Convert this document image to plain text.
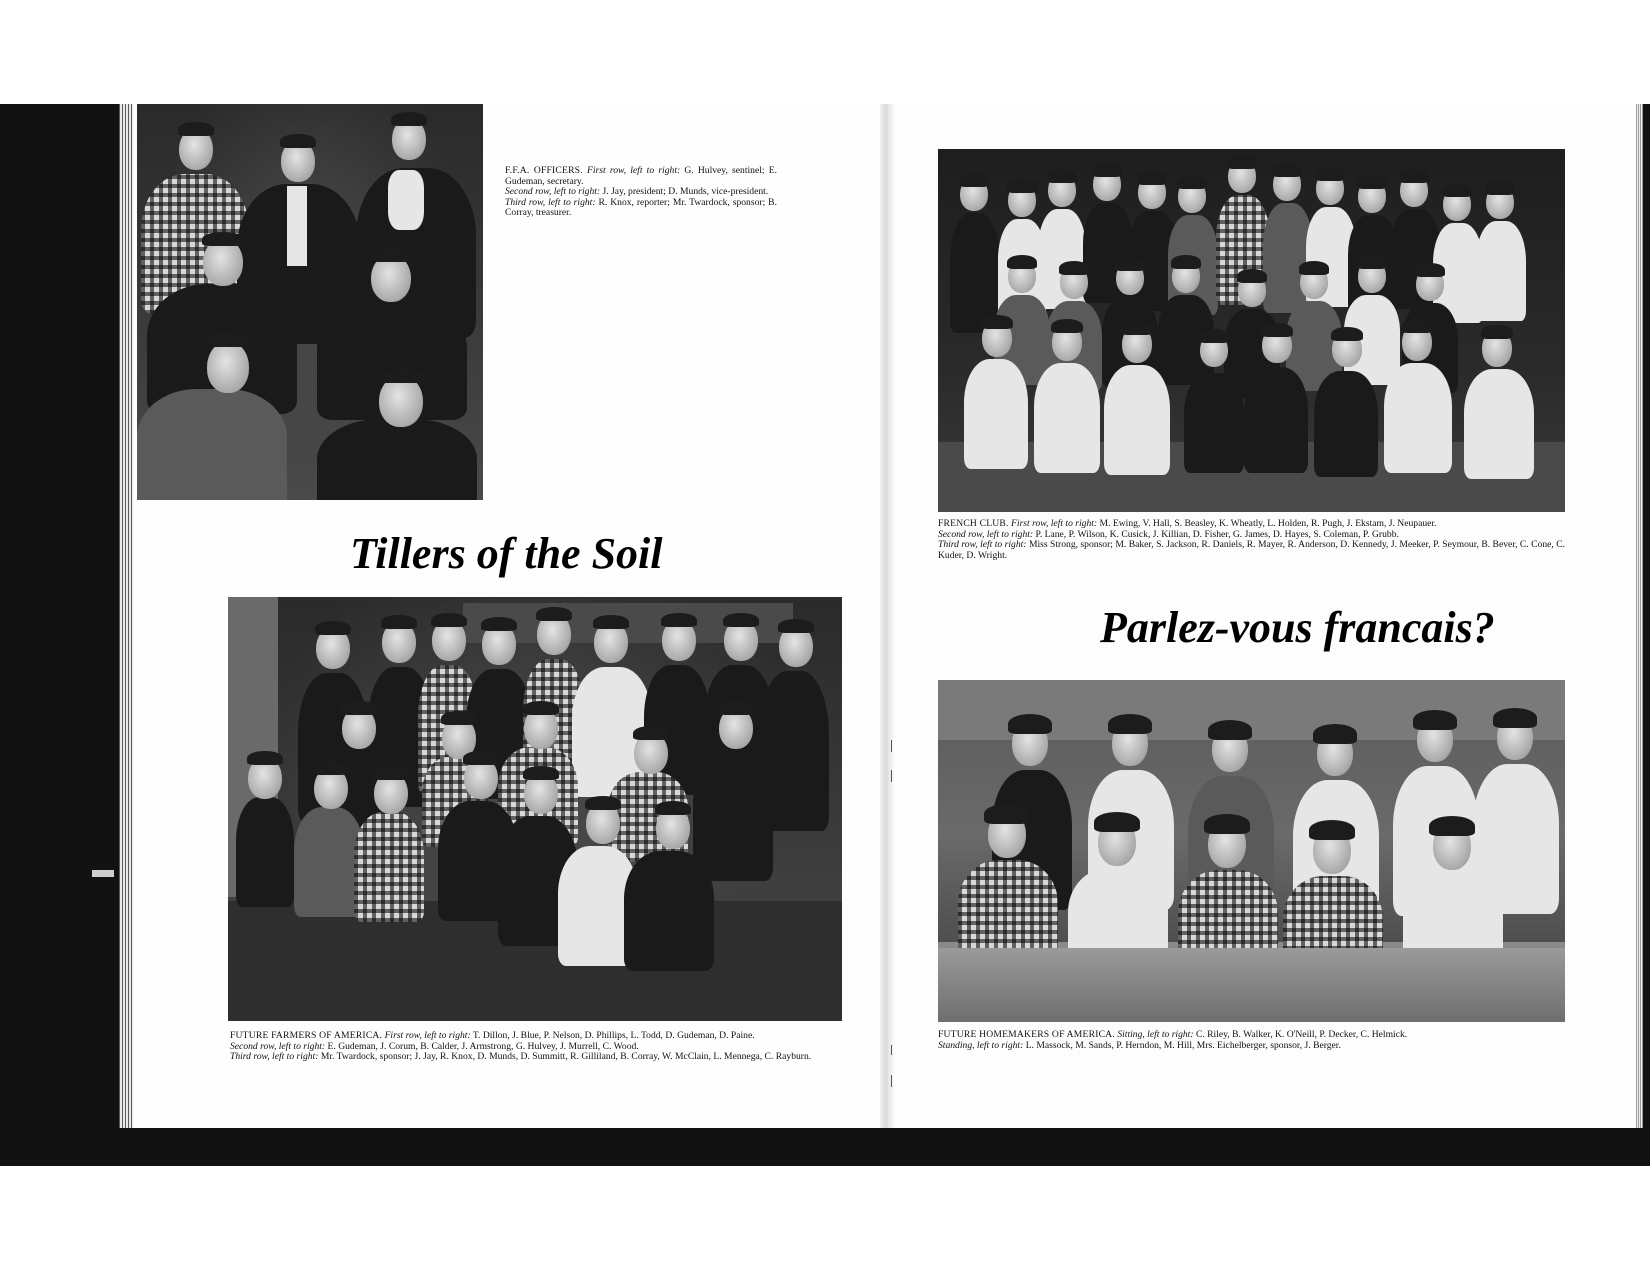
F.F.A. OFFICERS. First row, left to right: G. Hulvey, sentinel; E. Gudeman, secretary.
Second row, left to right: J. Jay, president; D. Munds, vice-president.
Third row, left to right: R. Knox, reporter; Mr. Twardock, sponsor; B. Corray, treasurer.
Tillers of the Soil
FUTURE FARMERS OF AMERICA. First row, left to right: T. Dillon, J. Blue, P. Nelson, D. Phillips, L. Todd, D. Gudeman, D. Paine.
Second row, left to right: E. Gudeman, J. Corum, B. Calder, J. Armstrong, G. Hulvey, J. Murrell, C. Wood.
Third row, left to right: Mr. Twardock, sponsor; J. Jay, R. Knox, D. Munds, D. Summitt, R. Gilliland, B. Corray, W. McClain, L. Mennega, C. Rayburn.
FRENCH CLUB. First row, left to right: M. Ewing, V. Hall, S. Beasley, K. Wheatly, L. Holden, R. Pugh, J. Ekstam, J. Neupauer.
Second row, left to right: P. Lane, P. Wilson, K. Cusick, J. Killian, D. Fisher, G. James, D. Hayes, S. Coleman, P. Grubb.
Third row, left to right: Miss Strong, sponsor; M. Baker, S. Jackson, R. Daniels, R. Mayer, R. Anderson, D. Kennedy, J. Meeker, P. Seymour, B. Bever, C. Cone, C. Kuder, D. Wright.
Parlez-vous francais?
FUTURE HOMEMAKERS OF AMERICA. Sitting, left to right: C. Riley, B. Walker, K. O'Neill, P. Decker, C. Helmick.
Standing, left to right: L. Massock, M. Sands, P. Herndon, M. Hill, Mrs. Eichelberger, sponsor, J. Berger.
